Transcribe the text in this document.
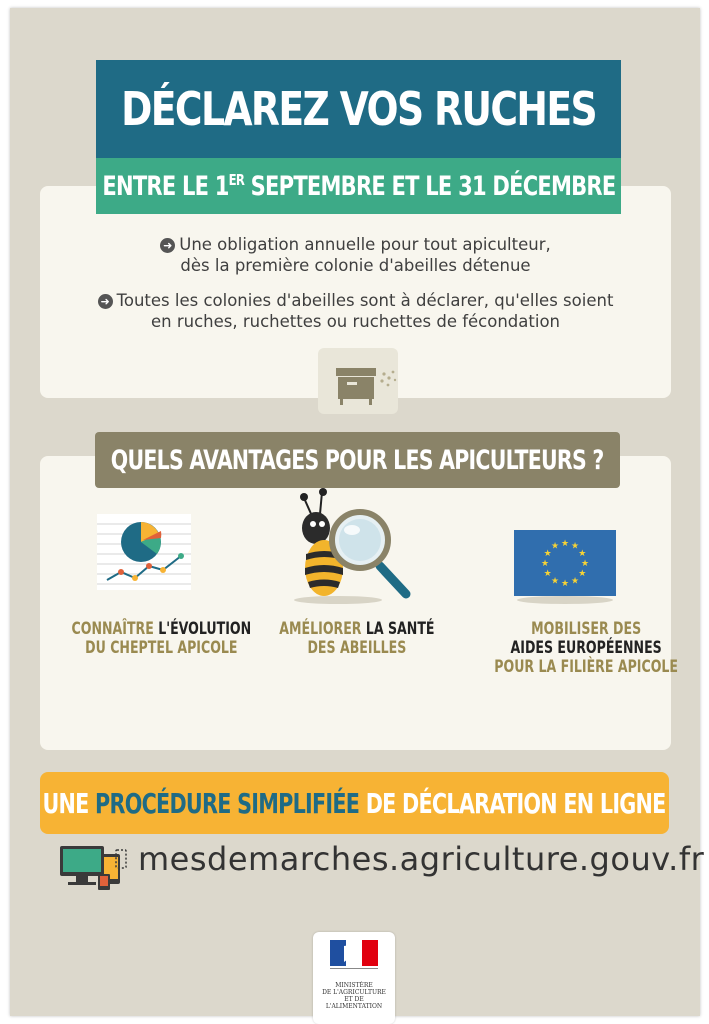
DÉCLAREZ VOS RUCHES
ENTRE LE 1ER SEPTEMBRE ET LE 31 DÉCEMBRE
➜ Une obligation annuelle pour tout apiculteur,
dès la première colonie d'abeilles détenue
➜ Toutes les colonies d'abeilles sont à déclarer, qu'elles soient
en ruches, ruchettes ou ruchettes de fécondation
QUELS AVANTAGES POUR LES APICULTEURS ?
★ ★
★
★
★
★
★
★
★
★
★
★
CONNAÎTRE L'ÉVOLUTION
DU CHEPTEL APICOLE
AMÉLIORER LA SANTÉ
DES ABEILLES
MOBILISER DES
AIDES EUROPÉENNES
POUR LA FILIÈRE APICOLE
UNE PROCÉDURE SIMPLIFIÉE DE DÉCLARATION EN LIGNE
mesdemarches.agriculture.gouv.fr
MINISTÈRE
DE L'AGRICULTURE
ET DE
L'ALIMENTATION
